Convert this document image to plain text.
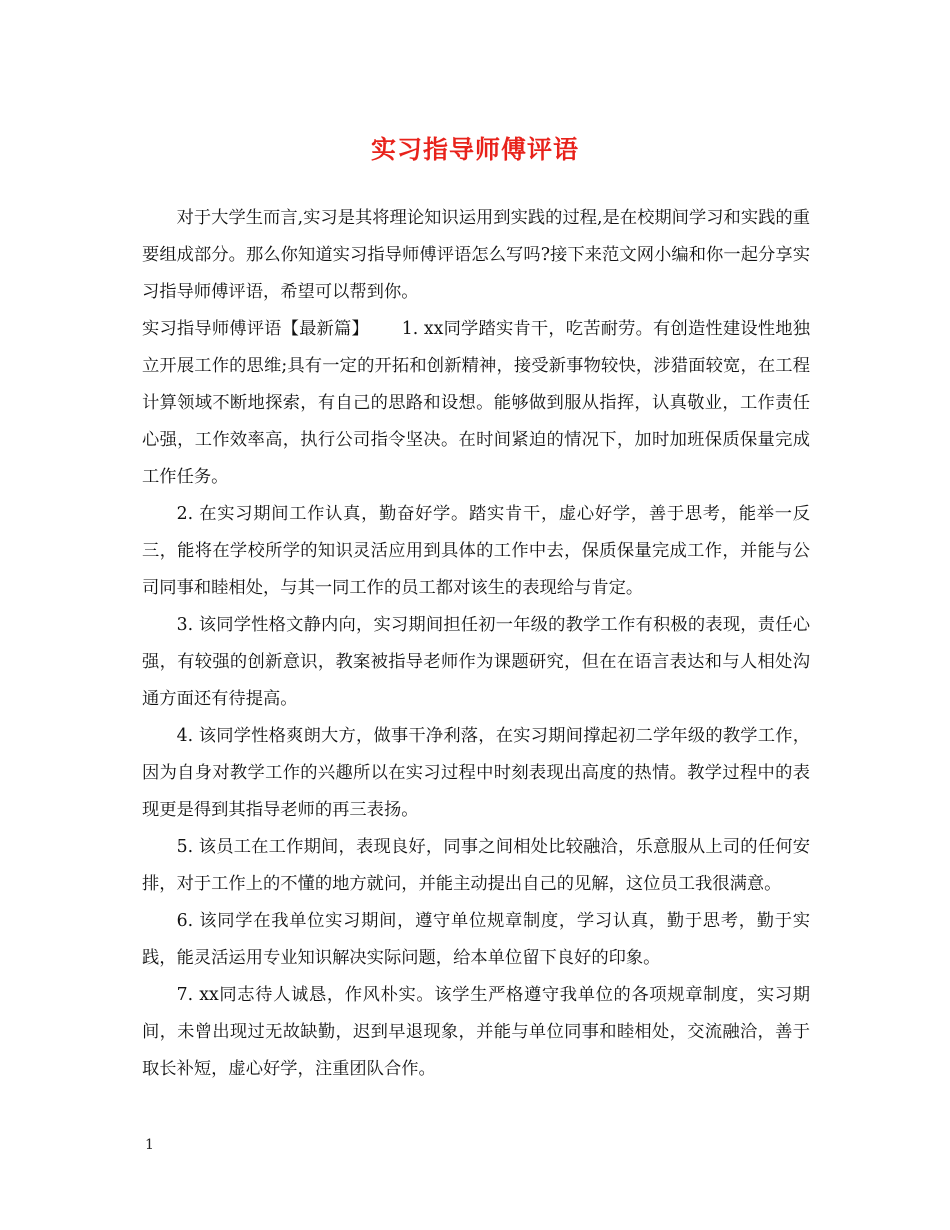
实习指导师傅评语

对于大学生而言,实习是其将理论知识运用到实践的过程,是在校期间学习和实践的重要组成部分。那么你知道实习指导师傅评语怎么写吗?接下来范文网小编和你一起分享实习指导师傅评语，希望可以帮到你。

实习指导师傅评语【最新篇】 1. xx同学踏实肯干，吃苦耐劳。有创造性建设性地独立开展工作的思维;具有一定的开拓和创新精神，接受新事物较快，涉猎面较宽，在工程计算领域不断地探索，有自己的思路和设想。能够做到服从指挥，认真敬业，工作责任心强，工作效率高，执行公司指令坚决。在时间紧迫的情况下，加时加班保质保量完成工作任务。

2. 在实习期间工作认真，勤奋好学。踏实肯干，虚心好学，善于思考，能举一反三，能将在学校所学的知识灵活应用到具体的工作中去，保质保量完成工作，并能与公司同事和睦相处，与其一同工作的员工都对该生的表现给与肯定。

3. 该同学性格文静内向，实习期间担任初一年级的教学工作有积极的表现，责任心强，有较强的创新意识，教案被指导老师作为课题研究，但在在语言表达和与人相处沟通方面还有待提高。

4. 该同学性格爽朗大方，做事干净利落，在实习期间撑起初二学年级的教学工作，因为自身对教学工作的兴趣所以在实习过程中时刻表现出高度的热情。教学过程中的表现更是得到其指导老师的再三表扬。

5. 该员工在工作期间，表现良好，同事之间相处比较融洽，乐意服从上司的任何安排，对于工作上的不懂的地方就问，并能主动提出自己的见解，这位员工我很满意。

6. 该同学在我单位实习期间，遵守单位规章制度，学习认真，勤于思考，勤于实践，能灵活运用专业知识解决实际问题，给本单位留下良好的印象。

7. xx同志待人诚恳，作风朴实。该学生严格遵守我单位的各项规章制度，实习期间，未曾出现过无故缺勤，迟到早退现象，并能与单位同事和睦相处，交流融洽，善于取长补短，虚心好学，注重团队合作。

1
